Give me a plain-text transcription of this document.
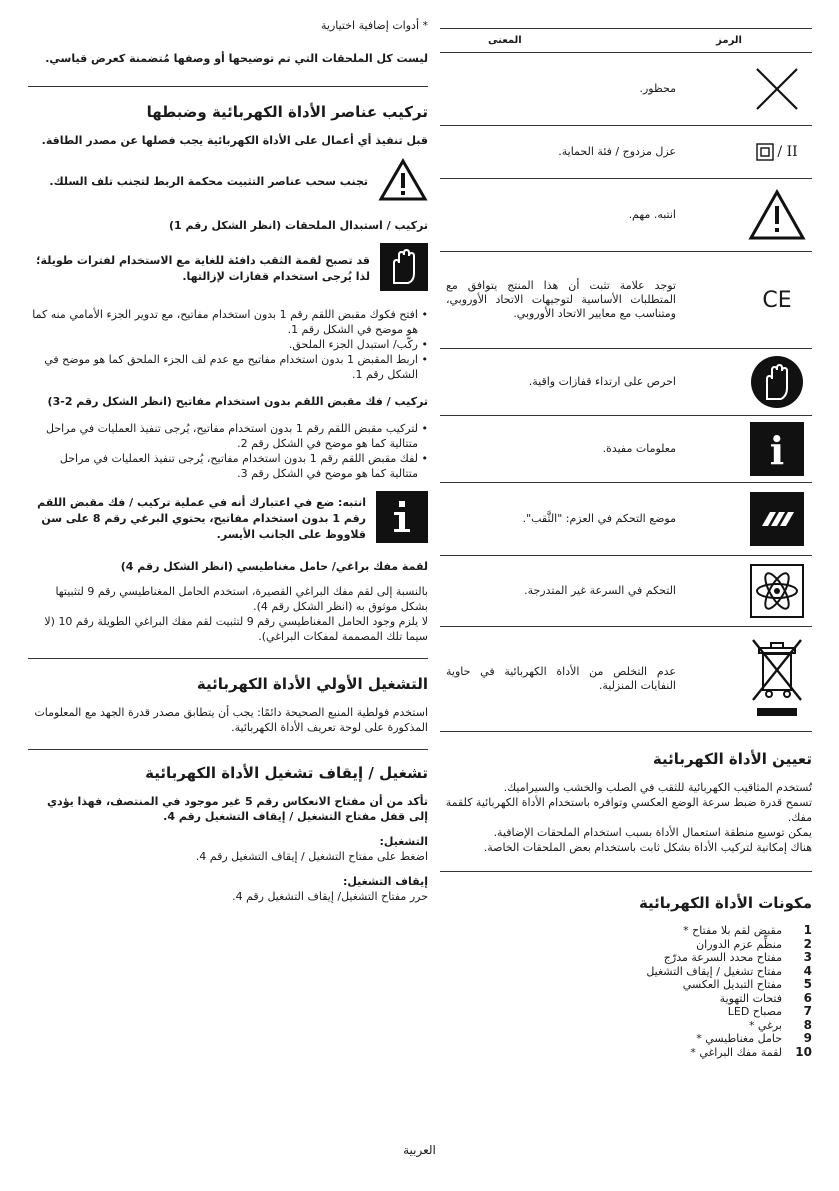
* أدوات إضافية اختيارية
ليست كل الملحقات التي تم توضيحها أو وصفها مُتضمنة كعرض قياسي.
تركيب عناصر الأداة الكهربائية وضبطها

قبل تنفيذ أي أعمال على الأداة الكهربائية يجب فصلها عن مصدر الطاقة.

تجنب سحب عناصر التثبيت محكمة الربط لتجنب تلف السلك.
تركيب / استبدال الملحقات (انظر الشكل رقم 1)
قد تصبح لقمة الثقب دافئة للغاية مع الاستخدام لفترات طويلة؛ لذا يُرجى استخدام قفازات لإزالتها.
• افتح فكوك مقبض اللقم رقم 1 بدون استخدام مفاتيح، مع تدوير الجزء الأمامي منه كما هو موضح في الشكل رقم 1.
• ركّب/ استبدل الجزء الملحق.
• اربط المقبض 1 بدون استخدام مفاتيح مع عدم لف الجزء الملحق كما هو موضح في الشكل رقم 1.
تركيب / فك مقبض اللقم بدون استخدام مفاتيح (انظر الشكل رقم 2-3)
• لتركيب مقبض اللقم رقم 1 بدون استخدام مفاتيح، يُرجى تنفيذ العمليات في مراحل متتالية كما هو موضح في الشكل رقم 2.
• لفك مقبض اللقم رقم 1 بدون استخدام مفاتيح، يُرجى تنفيذ العمليات في مراحل متتالية كما هو موضح في الشكل رقم 3.
انتبه: ضع في اعتبارك أنه في عملية تركيب / فك مقبض اللقم رقم 1 بدون استخدام مفاتيح، يحتوي البرغي رقم 8 على سن قلاووظ على الجانب الأيسر.
لقمة مفك براغي/ حامل مغناطيسي (انظر الشكل رقم 4)

بالنسبة إلى لقم مفك البراغي القصيرة، استخدم الحامل المغناطيسي رقم 9 لتثبيتها بشكل موثوق به (انظر الشكل رقم 4).

لا يلزم وجود الحامل المغناطيسي رقم 9 لتثبيت لقم مفك البراغي الطويلة رقم 10 (لا سيما تلك المصممة لمفكات البراغي).

التشغيل الأولي الأداة الكهربائية

استخدم فولطية المنبع الصحيحة دائمًا: يجب أن يتطابق مصدر قدرة الجهد مع المعلومات المذكورة على لوحة تعريف الأداة الكهربائية.

تشغيل / إيقاف تشغيل الأداة الكهربائية

تأكد من أن مفتاح الانعكاس رقم 5 غير موجود في المنتصف، فهذا يؤدي إلى قفل مفتاح التشغيل / إيقاف التشغيل رقم 4.

التشغيل:

اضغط على مفتاح التشغيل / إيقاف التشغيل رقم 4.

إيقاف التشغيل:

حرر مفتاح التشغيل/ إيقاف التشغيل رقم 4.

الرمز
المعنى
محظور.
II /
عزل مزدوج / فئة الحماية.
انتبه. مهم.
CE
توجد علامة تثبت أن هذا المنتج يتوافق مع المتطلبات الأساسية لتوجيهات الاتحاد الأوروبي، ومتناسب مع معايير الاتحاد الأوروبي.
احرص على ارتداء قفازات واقية.
i
معلومات مفيدة.
موضع التحكم في العزم: "الثَّقب".
التحكم في السرعة غير المتدرجة.
عدم التخلص من الأداة الكهربائية في حاوية النفايات المنزلية.
تعيين الأداة الكهربائية
تُستخدم المثاقيب الكهربائية للثقب في الصلب والخشب والسيراميك.
تسمح قدرة ضبط سرعة الوضع العكسي وتوافره باستخدام الأداة الكهربائية كلقمة مفك.
يمكن توسيع منطقة استعمال الأداة بسبب استخدام الملحقات الإضافية.
هناك إمكانية لتركيب الأداة بشكل ثابت باستخدام بعض الملحقات الخاصة.
مكونات الأداة الكهربائية
مقبض لقم بلا مفتاح *	1
منظِّم عزم الدوران	2
مفتاح محدد السرعة مدرّج	3
مفتاح تشغيل / إيقاف التشغيل	4
مفتاح التبديل العكسي	5
فتحات التهوية	6
مصباح LED	7
برغي *	8
حامل مغناطيسي *	9
لقمة مفك البراغي *	10
العربية
